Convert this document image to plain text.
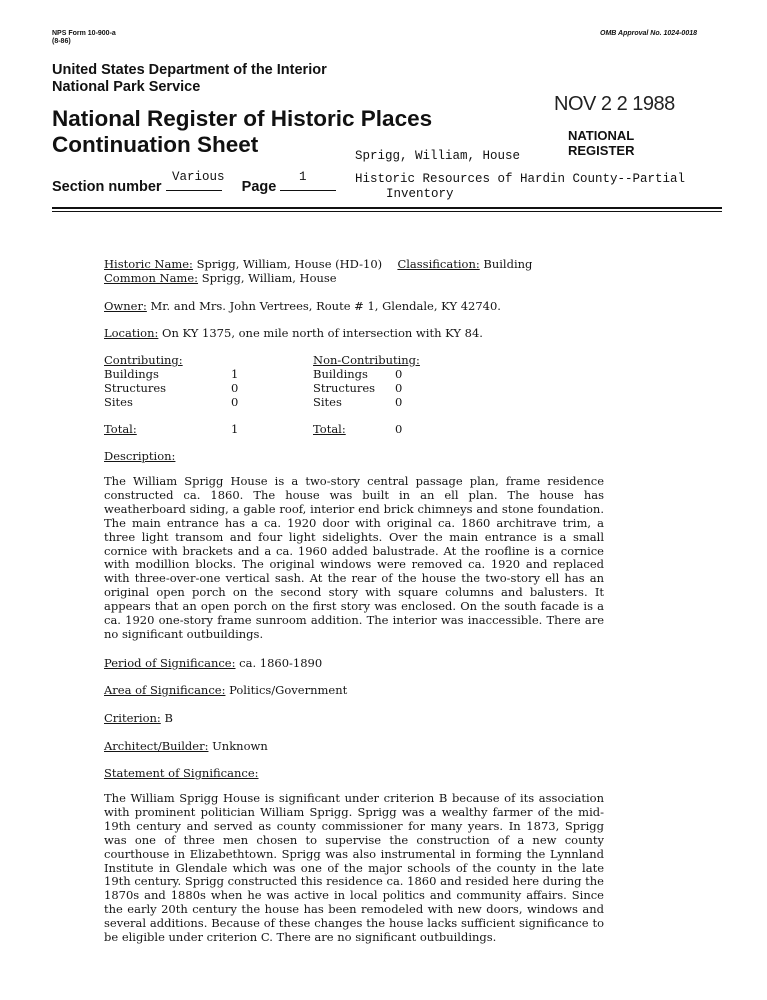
NPS Form 10-900-a
(8-86)
OMB Approval No. 1024-0018
United States Department of the Interior
National Park Service
National Register of Historic Places
Continuation Sheet
NOV 2 2 1988
NATIONAL
REGISTER
Sprigg, William, House
Section number	Page
Various	1	Historic Resources of Hardin County--Partial
Inventory
Historic Name: Sprigg, William, House (HD-10) Classification: Building
Common Name: Sprigg, William, House
Owner: Mr. and Mrs. John Vertrees, Route # 1, Glendale, KY 42740.
Location: On KY 1375, one mile north of intersection with KY 84.
Contributing:	Non-Contributing:
Buildings	1	Buildings 0
Structures	0	Structures 0
Sites	0	Sites	0
Total:	1	Total:	0
Description:
The William Sprigg House is a two-story central passage plan, frame residence constructed ca. 1860. The house was built in an ell plan. The house has weatherboard siding, a gable roof, interior end brick chimneys and stone foundation. The main entrance has a ca. 1920 door with original ca. 1860 architrave trim, a three light transom and four light sidelights. Over the main entrance is a small cornice with brackets and a ca. 1960 added balustrade. At the roofline is a cornice with modillion blocks. The original windows were removed ca. 1920 and replaced with three-over-one vertical sash. At the rear of the house the two-story ell has an original open porch on the second story with square columns and balusters. It appears that an open porch on the first story was enclosed. On the south facade is a ca. 1920 one-story frame sunroom addition. The interior was inaccessible. There are no significant outbuildings.
Period of Significance: ca. 1860-1890
Area of Significance: Politics/Government
Criterion: B
Architect/Builder: Unknown
Statement of Significance:
The William Sprigg House is significant under criterion B because of its association with prominent politician William Sprigg. Sprigg was a wealthy farmer of the mid-19th century and served as county commissioner for many years. In 1873, Sprigg was one of three men chosen to supervise the construction of a new county courthouse in Elizabethtown. Sprigg was also instrumental in forming the Lynnland Institute in Glendale which was one of the major schools of the county in the late 19th century. Sprigg constructed this residence ca. 1860 and resided here during the 1870s and 1880s when he was active in local politics and community affairs. Since the early 20th century the house has been remodeled with new doors, windows and several additions. Because of these changes the house lacks sufficient significance to be eligible under criterion C. There are no significant outbuildings.
